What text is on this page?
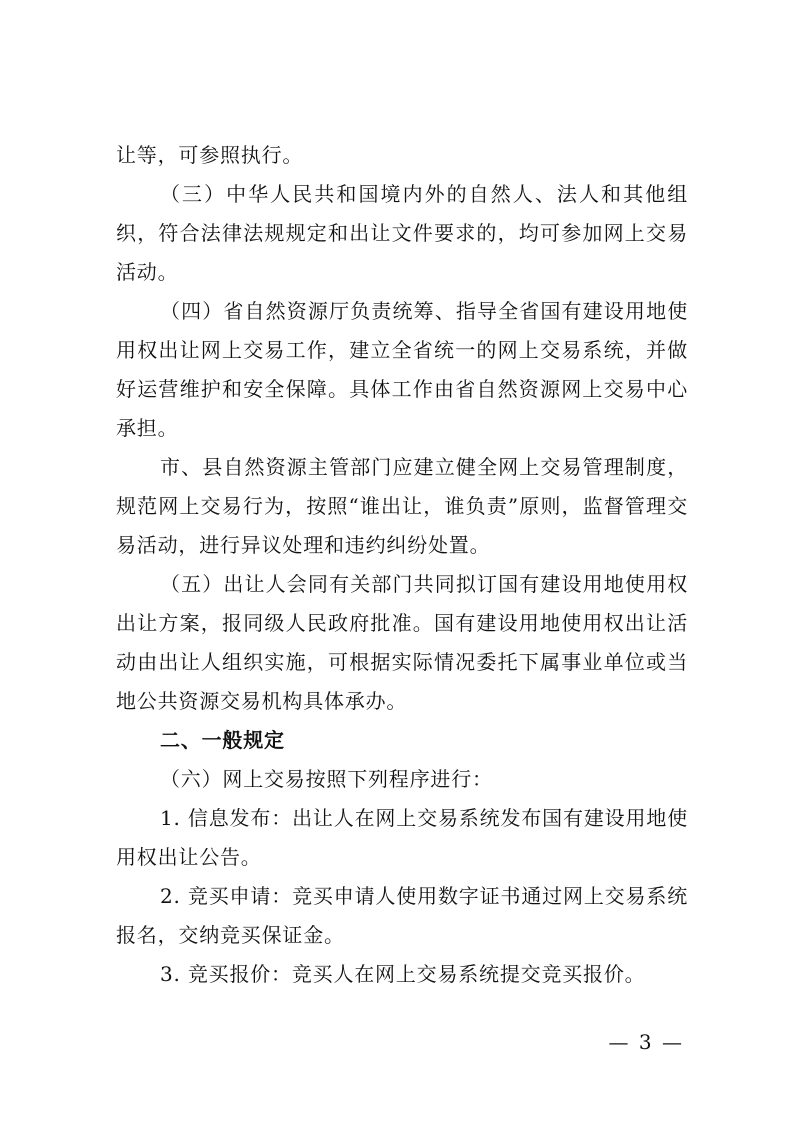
让等，可参照执行。

（三）中华人民共和国境内外的自然人、法人和其他组织，符合法律法规规定和出让文件要求的，均可参加网上交易活动。

（四）省自然资源厅负责统筹、指导全省国有建设用地使用权出让网上交易工作，建立全省统一的网上交易系统，并做好运营维护和安全保障。具体工作由省自然资源网上交易中心承担。

市、县自然资源主管部门应建立健全网上交易管理制度，规范网上交易行为，按照“谁出让，谁负责”原则，监督管理交易活动，进行异议处理和违约纠纷处置。

（五）出让人会同有关部门共同拟订国有建设用地使用权出让方案，报同级人民政府批准。国有建设用地使用权出让活动由出让人组织实施，可根据实际情况委托下属事业单位或当地公共资源交易机构具体承办。

二、一般规定

（六）网上交易按照下列程序进行：

1. 信息发布：出让人在网上交易系统发布国有建设用地使用权出让公告。

2. 竞买申请：竞买申请人使用数字证书通过网上交易系统报名，交纳竞买保证金。

3. 竞买报价：竞买人在网上交易系统提交竞买报价。

— 3 —
